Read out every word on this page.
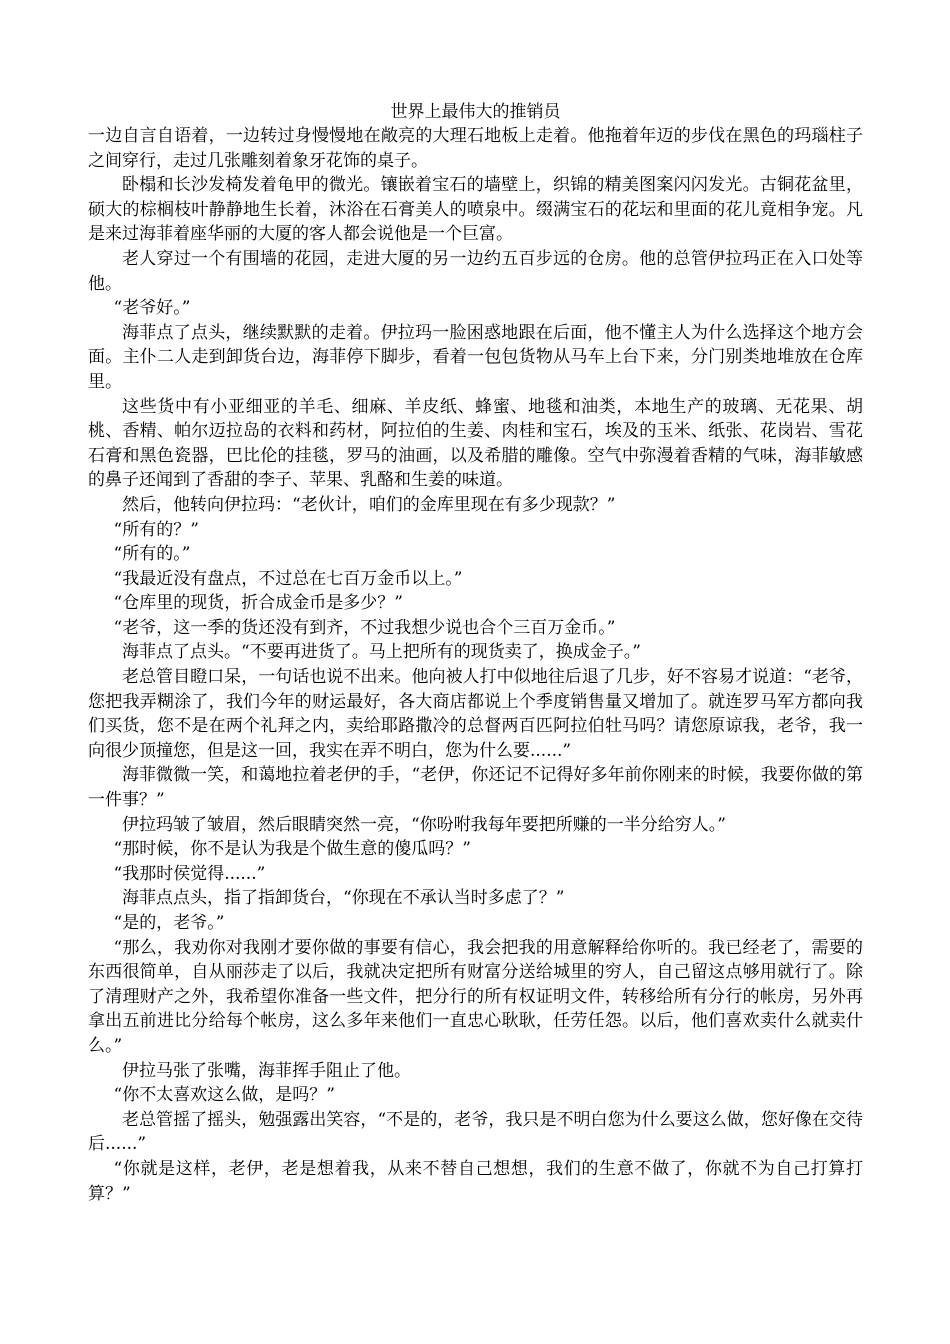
世界上最伟大的推销员

一边自言自语着，一边转过身慢慢地在敞亮的大理石地板上走着。他拖着年迈的步伐在黑色的玛瑙柱子之间穿行，走过几张雕刻着象牙花饰的桌子。

卧榻和长沙发椅发着龟甲的微光。镶嵌着宝石的墙壁上，织锦的精美图案闪闪发光。古铜花盆里，硕大的棕榈枝叶静静地生长着，沐浴在石膏美人的喷泉中。缀满宝石的花坛和里面的花儿竟相争宠。凡是来过海菲着座华丽的大厦的客人都会说他是一个巨富。

老人穿过一个有围墙的花园，走进大厦的另一边约五百步远的仓房。他的总管伊拉玛正在入口处等他。

“老爷好。”

海菲点了点头，继续默默的走着。伊拉玛一脸困惑地跟在后面，他不懂主人为什么选择这个地方会面。主仆二人走到卸货台边，海菲停下脚步，看着一包包货物从马车上台下来，分门别类地堆放在仓库里。

这些货中有小亚细亚的羊毛、细麻、羊皮纸、蜂蜜、地毯和油类，本地生产的玻璃、无花果、胡桃、香精、帕尔迈拉岛的衣料和药材，阿拉伯的生姜、肉桂和宝石，埃及的玉米、纸张、花岗岩、雪花石膏和黑色瓷器，巴比伦的挂毯，罗马的油画，以及希腊的雕像。空气中弥漫着香精的气味，海菲敏感的鼻子还闻到了香甜的李子、苹果、乳酪和生姜的味道。

然后，他转向伊拉玛：“老伙计，咱们的金库里现在有多少现款？”

“所有的？”

“所有的。”

“我最近没有盘点，不过总在七百万金币以上。”

“仓库里的现货，折合成金币是多少？”

“老爷，这一季的货还没有到齐，不过我想少说也合个三百万金币。”

海菲点了点头。“不要再进货了。马上把所有的现货卖了，换成金子。”

老总管目瞪口呆，一句话也说不出来。他向被人打中似地往后退了几步，好不容易才说道：“老爷，您把我弄糊涂了，我们今年的财运最好，各大商店都说上个季度销售量又增加了。就连罗马军方都向我们买货，您不是在两个礼拜之内，卖给耶路撒冷的总督两百匹阿拉伯牡马吗？请您原谅我，老爷，我一向很少顶撞您，但是这一回，我实在弄不明白，您为什么要......”

海菲微微一笑，和蔼地拉着老伊的手，“老伊，你还记不记得好多年前你刚来的时候，我要你做的第一件事？”

伊拉玛皱了皱眉，然后眼睛突然一亮，“你吩咐我每年要把所赚的一半分给穷人。”

“那时候，你不是认为我是个做生意的傻瓜吗？”

“我那时侯觉得......”

海菲点点头，指了指卸货台，“你现在不承认当时多虑了？”

“是的，老爷。”

“那么，我劝你对我刚才要你做的事要有信心，我会把我的用意解释给你听的。我已经老了，需要的东西很简单，自从丽莎走了以后，我就决定把所有财富分送给城里的穷人，自己留这点够用就行了。除了清理财产之外，我希望你准备一些文件，把分行的所有权证明文件，转移给所有分行的帐房，另外再拿出五前进比分给每个帐房，这么多年来他们一直忠心耿耿，任劳任怨。以后，他们喜欢卖什么就卖什么。”

伊拉马张了张嘴，海菲挥手阻止了他。

“你不太喜欢这么做，是吗？”

老总管摇了摇头，勉强露出笑容，“不是的，老爷，我只是不明白您为什么要这么做，您好像在交待后......”

“你就是这样，老伊，老是想着我，从来不替自己想想，我们的生意不做了，你就不为自己打算打算？”
